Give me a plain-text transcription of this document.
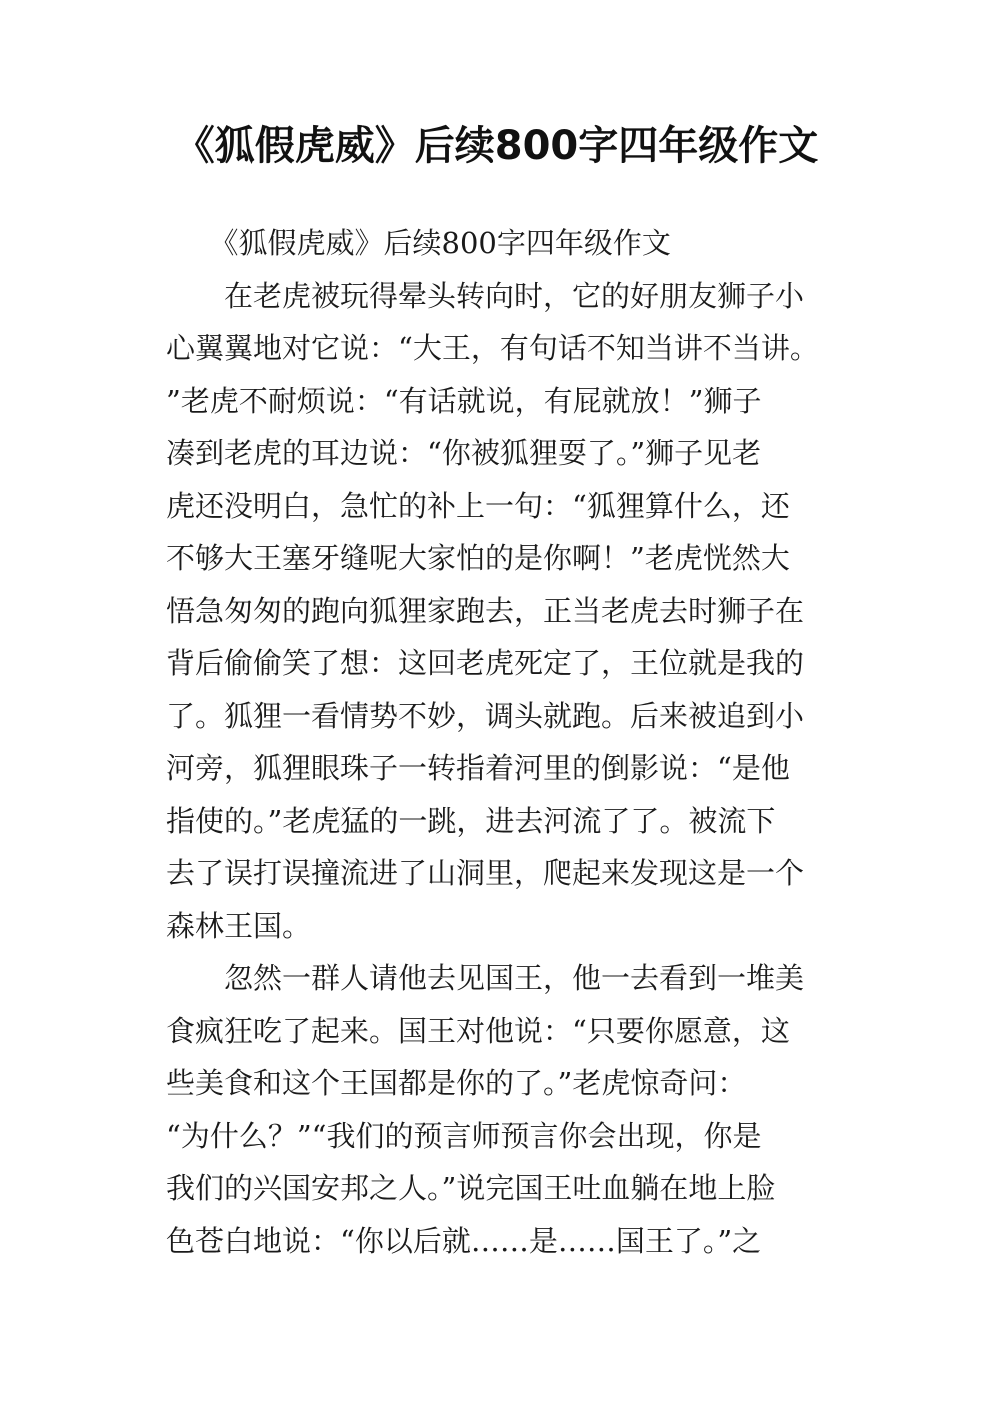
《狐假虎威》后续800字四年级作文
　　《狐假虎威》后续800字四年级作文
　　在老虎被玩得晕头转向时，它的好朋友狮子小
心翼翼地对它说：“大王，有句话不知当讲不当讲。
”老虎不耐烦说：“有话就说，有屁就放！”狮子
凑到老虎的耳边说：“你被狐狸耍了。”狮子见老
虎还没明白，急忙的补上一句：“狐狸算什么，还
不够大王塞牙缝呢大家怕的是你啊！”老虎恍然大
悟急匆匆的跑向狐狸家跑去，正当老虎去时狮子在
背后偷偷笑了想：这回老虎死定了，王位就是我的
了。狐狸一看情势不妙，调头就跑。后来被追到小
河旁，狐狸眼珠子一转指着河里的倒影说：“是他
指使的。”老虎猛的一跳，进去河流了了。被流下
去了误打误撞流进了山洞里，爬起来发现这是一个
森林王国。
　　忽然一群人请他去见国王，他一去看到一堆美
食疯狂吃了起来。国王对他说：“只要你愿意，这
些美食和这个王国都是你的了。”老虎惊奇问：
“为什么？”“我们的预言师预言你会出现，你是
我们的兴国安邦之人。”说完国王吐血躺在地上脸
色苍白地说：“你以后就……是……国王了。”之
